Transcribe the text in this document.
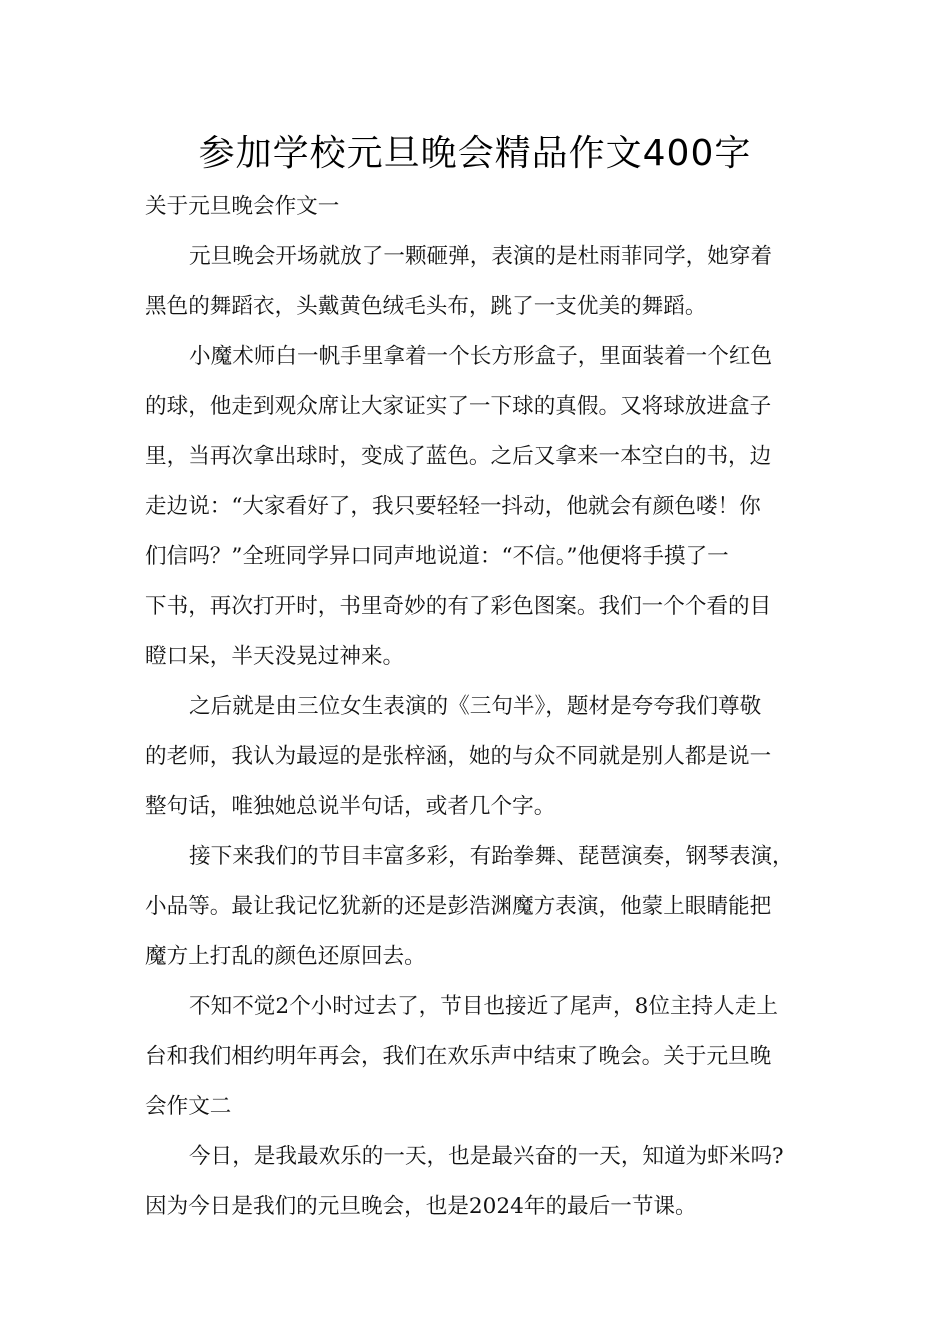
参加学校元旦晚会精品作文400字
关于元旦晚会作文一
元旦晚会开场就放了一颗砸弹，表演的是杜雨菲同学，她穿着
黑色的舞蹈衣，头戴黄色绒毛头布，跳了一支优美的舞蹈。
小魔术师白一帆手里拿着一个长方形盒子，里面装着一个红色
的球，他走到观众席让大家证实了一下球的真假。又将球放进盒子
里，当再次拿出球时，变成了蓝色。之后又拿来一本空白的书，边
走边说：“大家看好了，我只要轻轻一抖动，他就会有颜色喽！你
们信吗？”全班同学异口同声地说道：“不信。”他便将手摸了一
下书，再次打开时，书里奇妙的有了彩色图案。我们一个个看的目
瞪口呆，半天没晃过神来。
之后就是由三位女生表演的《三句半》，题材是夸夸我们尊敬
的老师，我认为最逗的是张梓涵，她的与众不同就是别人都是说一
整句话，唯独她总说半句话，或者几个字。
接下来我们的节目丰富多彩，有跆拳舞、琵琶演奏，钢琴表演，
小品等。最让我记忆犹新的还是彭浩渊魔方表演，他蒙上眼睛能把
魔方上打乱的颜色还原回去。
不知不觉2个小时过去了，节目也接近了尾声，8位主持人走上
台和我们相约明年再会，我们在欢乐声中结束了晚会。关于元旦晚
会作文二
今日，是我最欢乐的一天，也是最兴奋的一天，知道为虾米吗?
因为今日是我们的元旦晚会，也是2024年的最后一节课。
